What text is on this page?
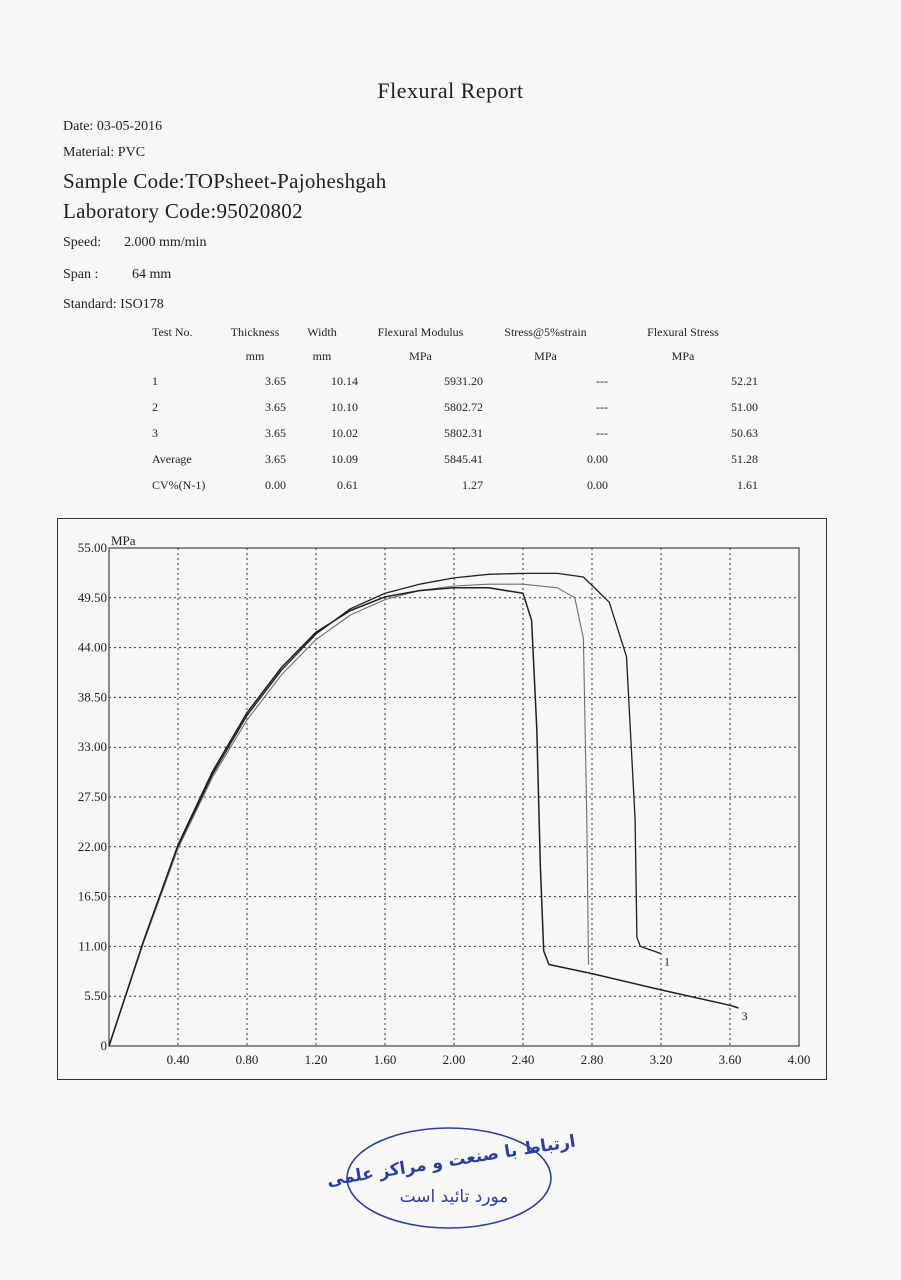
Flexural Report
Date: 03-05-2016
Material: PVC
Sample Code:TOPsheet-Pajoheshgah
Laboratory Code:95020802
Speed: 2.000 mm/min
Span : 64 mm
Standard: ISO178
Test No.	Thickness	Width	Flexural Modulus	Stress@5%strain	Flexural Stress
	mm	mm	MPa	MPa	MPa
1	3.65	10.14	5931.20	---	52.21
2	3.65	10.10	5802.72	---	51.00
3	3.65	10.02	5802.31	---	50.63
Average	3.65	10.09	5845.41	0.00	51.28
CV%(N-1)	0.00	0.61	1.27	0.00	1.61
0
5.50
11.00
16.50
22.00
27.50
33.00
38.50
44.00
49.50
55.00
0.40	0.80	1.20	1.60	2.00	2.40	2.80	3.20	3.60	4.00
MPa
1
3
ارتباط با صنعت و مراکز علمی
مورد تائید است
